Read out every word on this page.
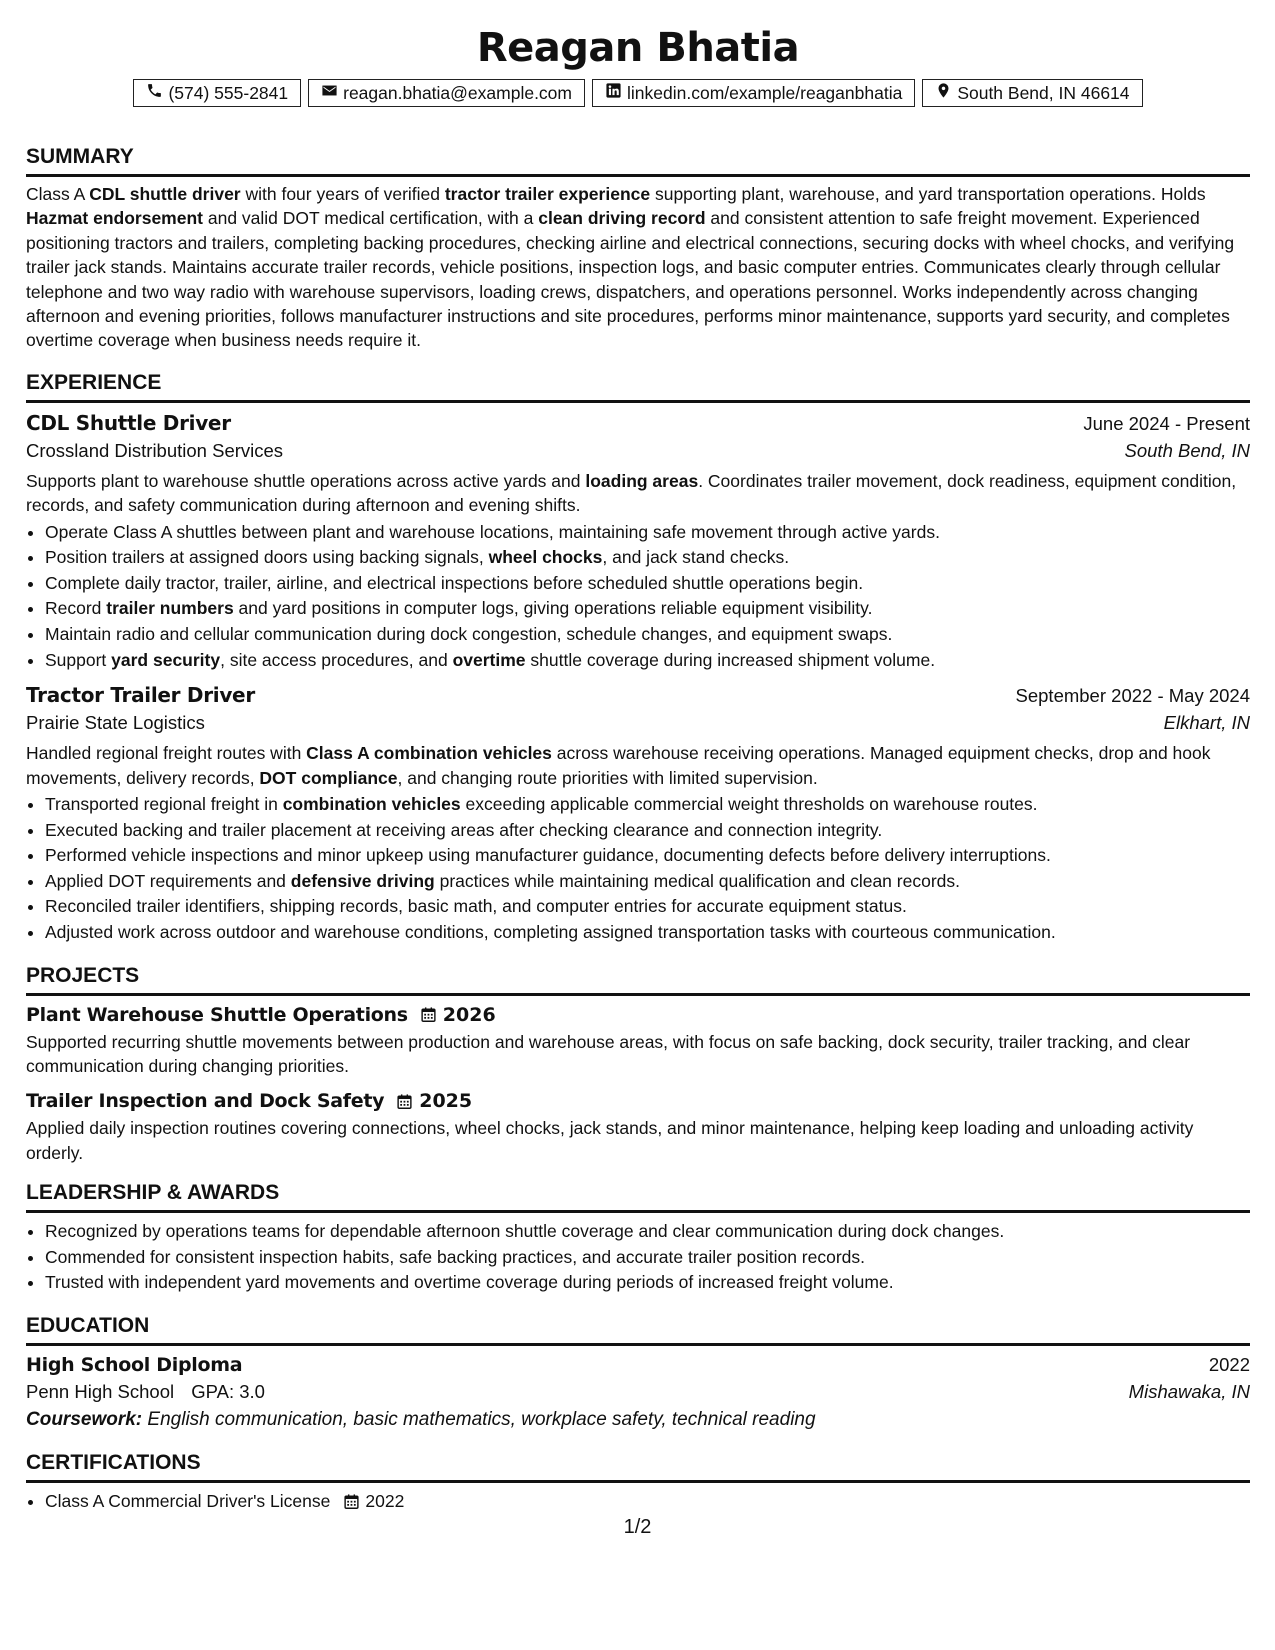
Reagan Bhatia
(574) 555-2841	reagan.bhatia@example.com	linkedin.com/example/reaganbhatia	South Bend, IN 46614
SUMMARY

Class A CDL shuttle driver with four years of verified tractor trailer experience supporting plant, warehouse, and yard transportation operations. Holds Hazmat endorsement and valid DOT medical certification, with a clean driving record and consistent attention to safe freight movement. Experienced positioning tractors and trailers, completing backing procedures, checking airline and electrical connections, securing docks with wheel chocks, and verifying trailer jack stands. Maintains accurate trailer records, vehicle positions, inspection logs, and basic computer entries. Communicates clearly through cellular telephone and two way radio with warehouse supervisors, loading crews, dispatchers, and operations personnel. Works independently across changing afternoon and evening priorities, follows manufacturer instructions and site procedures, performs minor maintenance, supports yard security, and completes overtime coverage when business needs require it.

EXPERIENCE
CDL Shuttle Driver	June 2024 - Present
Crossland Distribution Services	South Bend, IN

Supports plant to warehouse shuttle operations across active yards and loading areas. Coordinates trailer movement, dock readiness, equipment condition, records, and safety communication during afternoon and evening shifts.

• Operate Class A shuttles between plant and warehouse locations, maintaining safe movement through active yards.
• Position trailers at assigned doors using backing signals, wheel chocks, and jack stand checks.
• Complete daily tractor, trailer, airline, and electrical inspections before scheduled shuttle operations begin.
• Record trailer numbers and yard positions in computer logs, giving operations reliable equipment visibility.
• Maintain radio and cellular communication during dock congestion, schedule changes, and equipment swaps.
• Support yard security, site access procedures, and overtime shuttle coverage during increased shipment volume.
Tractor Trailer Driver	September 2022 - May 2024
Prairie State Logistics	Elkhart, IN

Handled regional freight routes with Class A combination vehicles across warehouse receiving operations. Managed equipment checks, drop and hook movements, delivery records, DOT compliance, and changing route priorities with limited supervision.

• Transported regional freight in combination vehicles exceeding applicable commercial weight thresholds on warehouse routes.
• Executed backing and trailer placement at receiving areas after checking clearance and connection integrity.
• Performed vehicle inspections and minor upkeep using manufacturer guidance, documenting defects before delivery interruptions.
• Applied DOT requirements and defensive driving practices while maintaining medical qualification and clean records.
• Reconciled trailer identifiers, shipping records, basic math, and computer entries for accurate equipment status.
• Adjusted work across outdoor and warehouse conditions, completing assigned transportation tasks with courteous communication.
PROJECTS
Plant Warehouse Shuttle Operations 2026

Supported recurring shuttle movements between production and warehouse areas, with focus on safe backing, dock security, trailer tracking, and clear communication during changing priorities.

Trailer Inspection and Dock Safety 2025

Applied daily inspection routines covering connections, wheel chocks, jack stands, and minor maintenance, helping keep loading and unloading activity orderly.

LEADERSHIP & AWARDS
• Recognized by operations teams for dependable afternoon shuttle coverage and clear communication during dock changes.
• Commended for consistent inspection habits, safe backing practices, and accurate trailer position records.
• Trusted with independent yard movements and overtime coverage during periods of increased freight volume.
EDUCATION
High School Diploma	2022
Penn High School GPA: 3.0	Mishawaka, IN
Coursework: English communication, basic mathematics, workplace safety, technical reading
CERTIFICATIONS
• Class A Commercial Driver's License 2022
1/2
